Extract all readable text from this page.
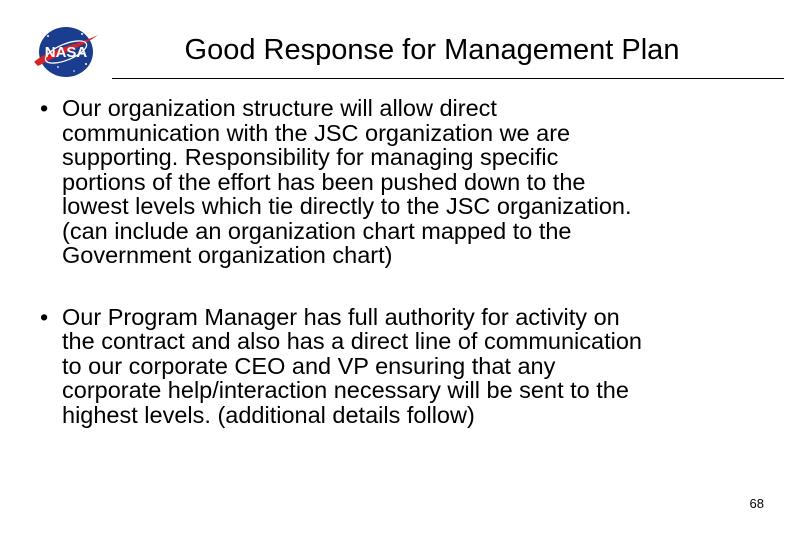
NASA	Good Response for Management Plan
• Our organization structure will allow direct
communication with the JSC organization we are
supporting. Responsibility for managing specific
portions of the effort has been pushed down to the
lowest levels which tie directly to the JSC organization.
(can include an organization chart mapped to the
Government organization chart)
• Our Program Manager has full authority for activity on
the contract and also has a direct line of communication
to our corporate CEO and VP ensuring that any
corporate help/interaction necessary will be sent to the
highest levels. (additional details follow)
68
